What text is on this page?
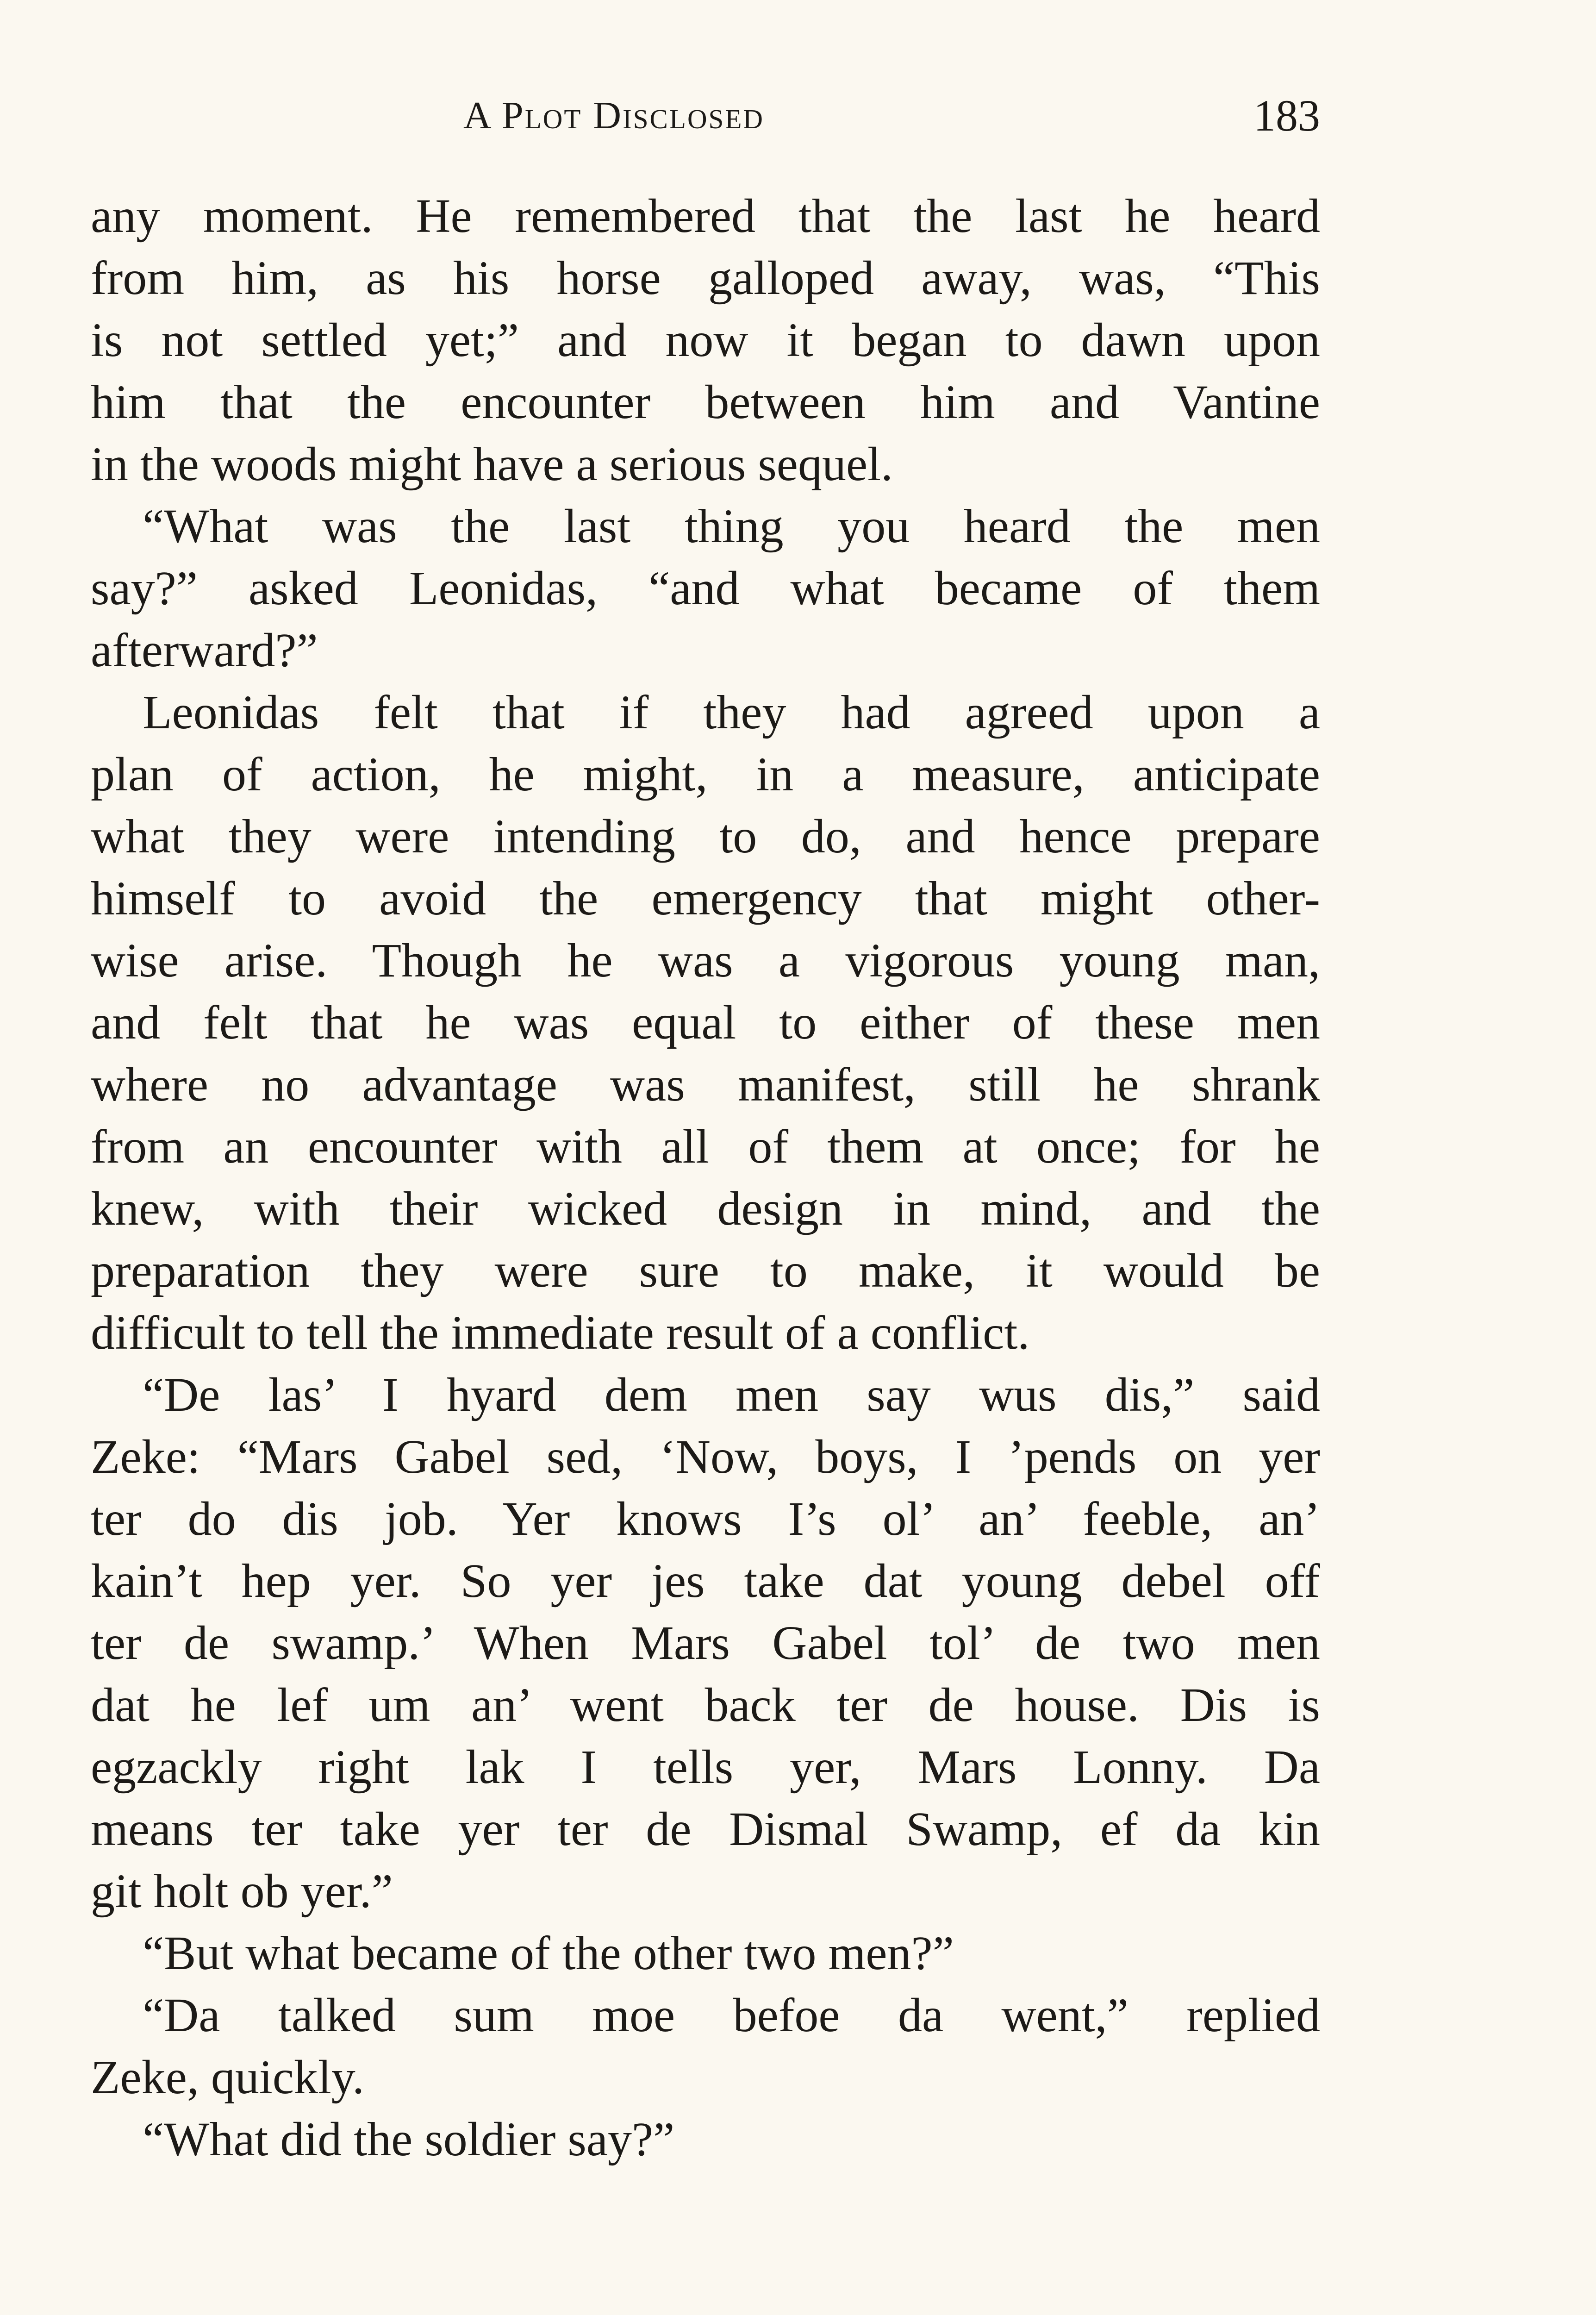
A Plot Disclosed	183

any moment. He remembered that the last he heard
from him, as his horse galloped away, was, “This
is not settled yet;” and now it began to dawn upon
him that the encounter between him and Vantine
in the woods might have a serious sequel.

“What was the last thing you heard the men
say?” asked Leonidas, “and what became of them
afterward?”

Leonidas felt that if they had agreed upon a
plan of action, he might, in a measure, anticipate
what they were intending to do, and hence prepare
himself to avoid the emergency that might other-
wise arise. Though he was a vigorous young man,
and felt that he was equal to either of these men
where no advantage was manifest, still he shrank
from an encounter with all of them at once; for he
knew, with their wicked design in mind, and the
preparation they were sure to make, it would be
difficult to tell the immediate result of a conflict.

“De las’ I hyard dem men say wus dis,” said
Zeke: “Mars Gabel sed, ‘Now, boys, I ’pends on yer
ter do dis job. Yer knows I’s ol’ an’ feeble, an’
kain’t hep yer. So yer jes take dat young debel off
ter de swamp.’ When Mars Gabel tol’ de two men
dat he lef um an’ went back ter de house. Dis is
egzackly right lak I tells yer, Mars Lonny. Da
means ter take yer ter de Dismal Swamp, ef da kin
git holt ob yer.”

“But what became of the other two men?”

“Da talked sum moe befoe da went,” replied
Zeke, quickly.

“What did the soldier say?”
